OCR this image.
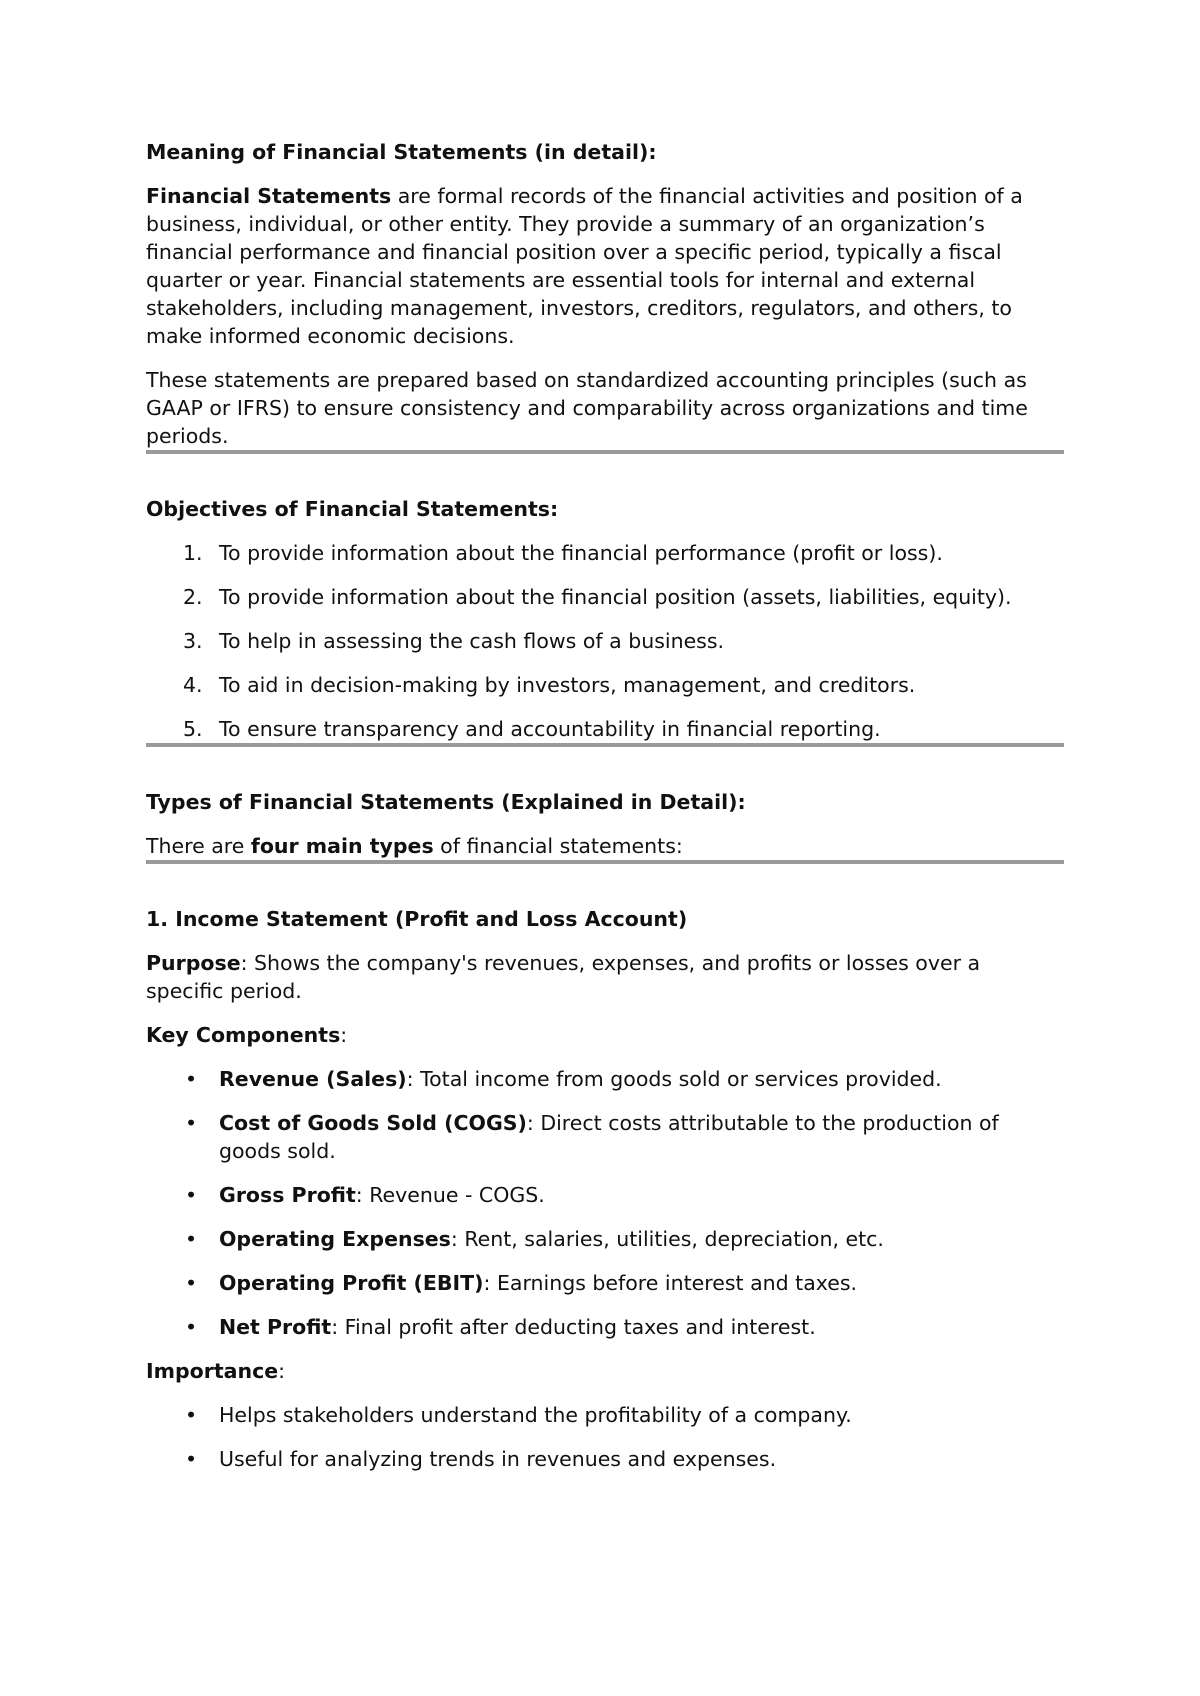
Meaning of Financial Statements (in detail):

Financial Statements are formal records of the financial activities and position of a business, individual, or other entity. They provide a summary of an organization’s financial performance and financial position over a specific period, typically a fiscal quarter or year. Financial statements are essential tools for internal and external stakeholders, including management, investors, creditors, regulators, and others, to make informed economic decisions.

These statements are prepared based on standardized accounting principles (such as GAAP or IFRS) to ensure consistency and comparability across organizations and time periods.

Objectives of Financial Statements:

1. To provide information about the financial performance (profit or loss).
2. To provide information about the financial position (assets, liabilities, equity).
3. To help in assessing the cash flows of a business.
4. To aid in decision-making by investors, management, and creditors.
5. To ensure transparency and accountability in financial reporting.

Types of Financial Statements (Explained in Detail):

There are four main types of financial statements:

1. Income Statement (Profit and Loss Account)

Purpose: Shows the company's revenues, expenses, and profits or losses over a specific period.

Key Components:

• Revenue (Sales): Total income from goods sold or services provided.
• Cost of Goods Sold (COGS): Direct costs attributable to the production of goods sold.
• Gross Profit: Revenue - COGS.
• Operating Expenses: Rent, salaries, utilities, depreciation, etc.
• Operating Profit (EBIT): Earnings before interest and taxes.
• Net Profit: Final profit after deducting taxes and interest.

Importance:

• Helps stakeholders understand the profitability of a company.
• Useful for analyzing trends in revenues and expenses.
